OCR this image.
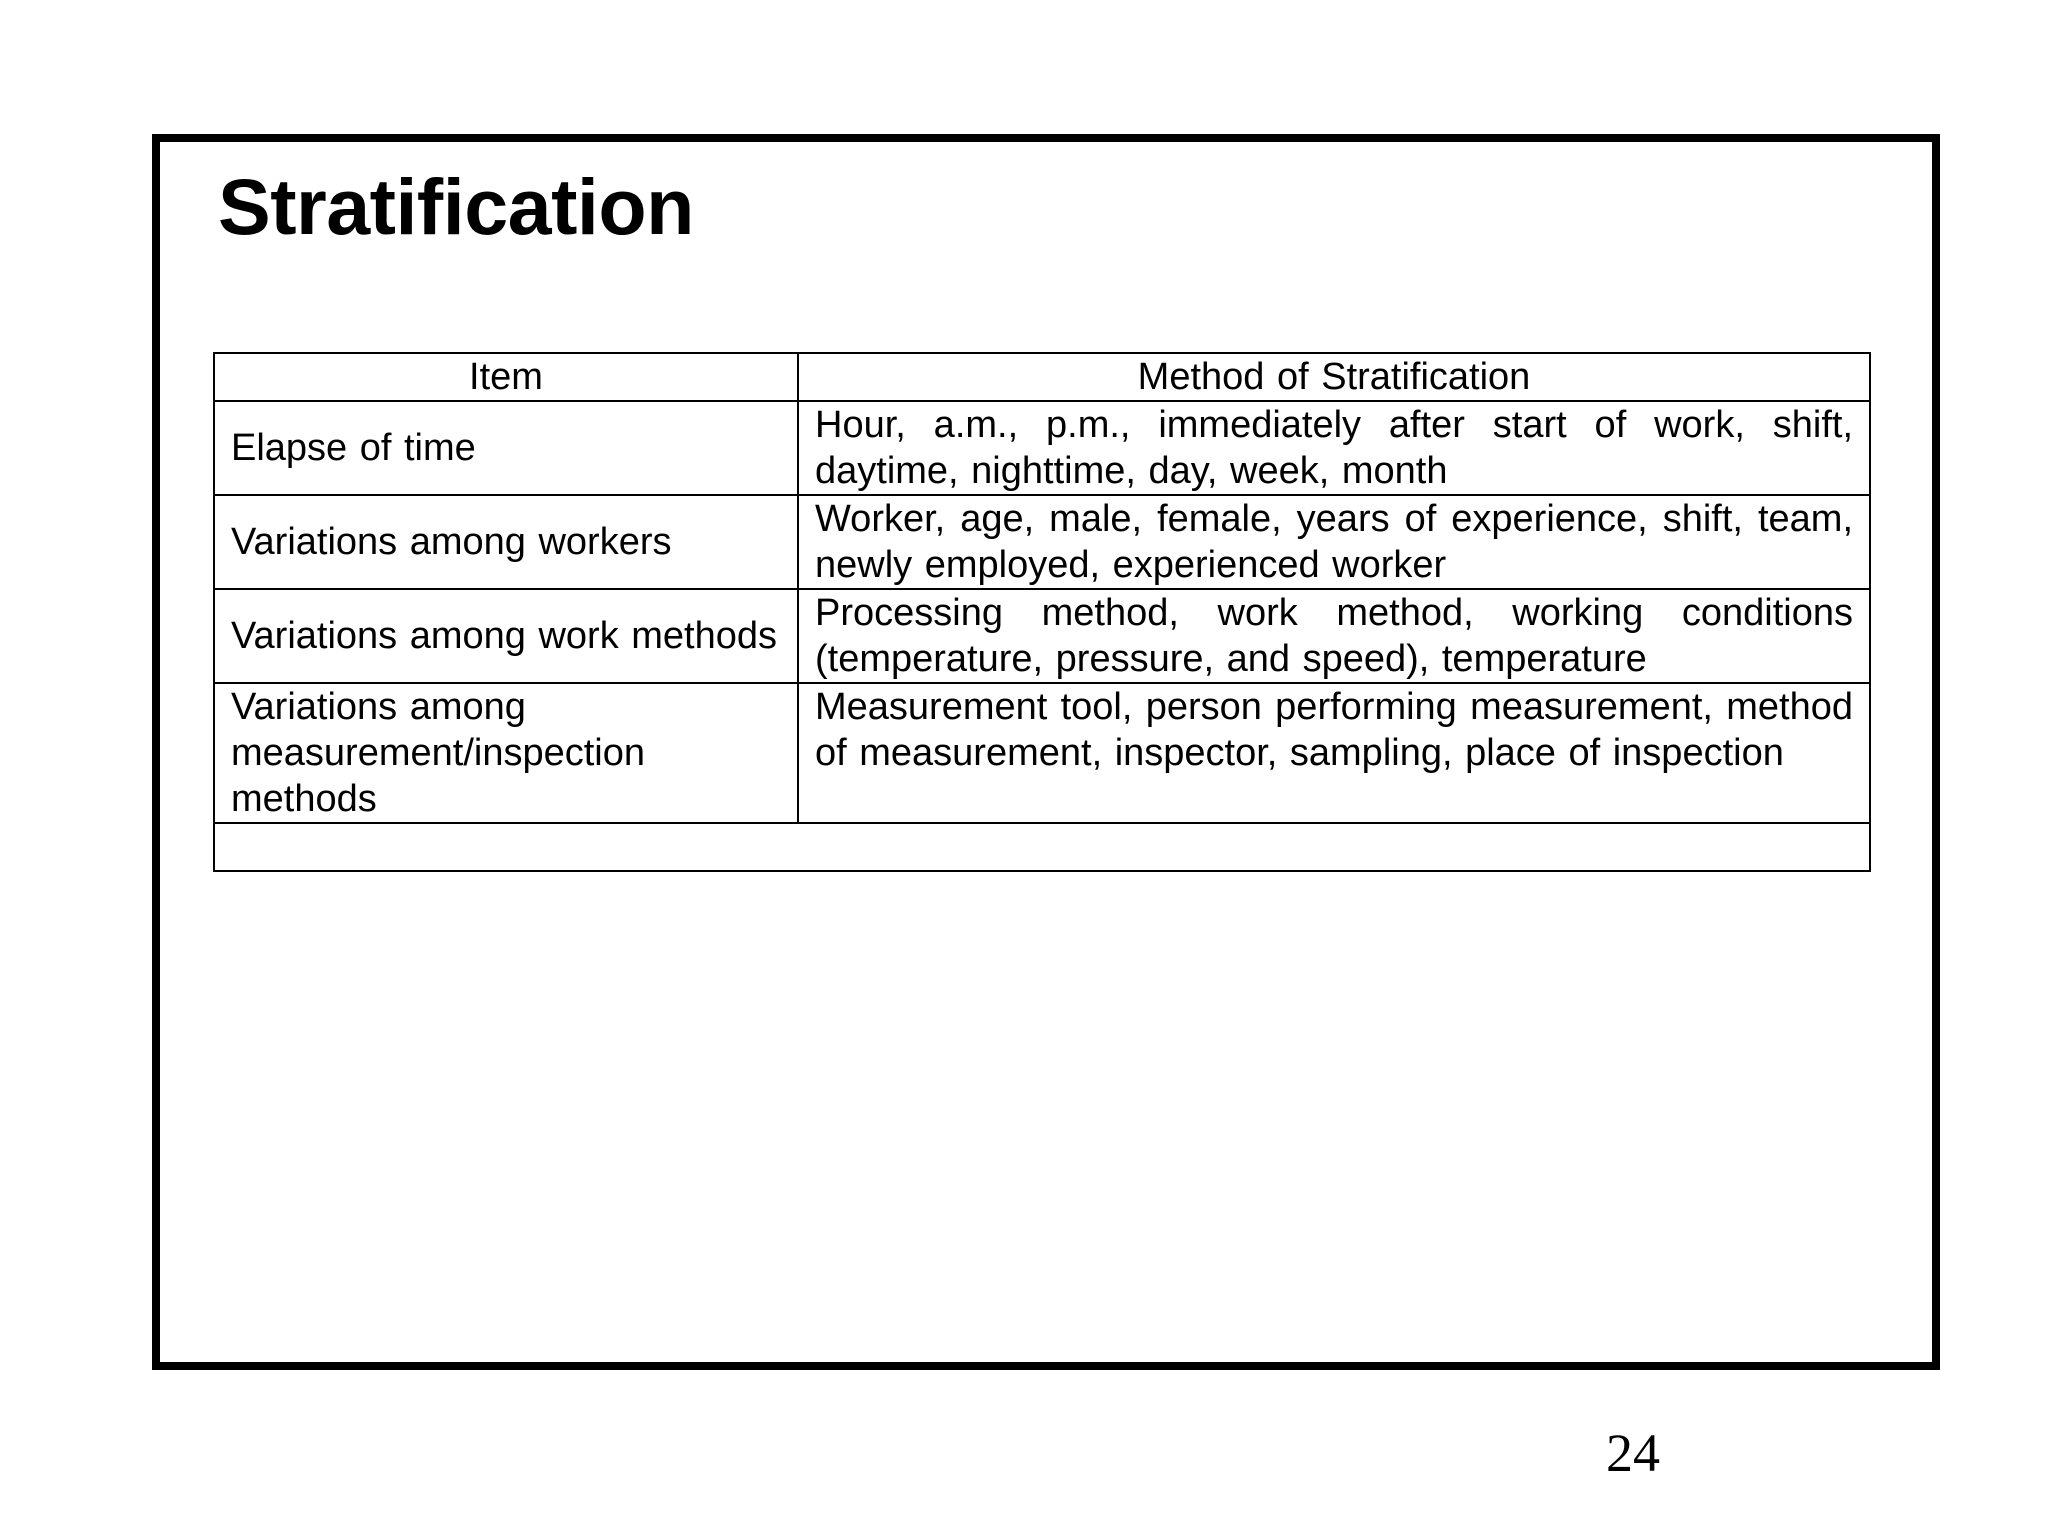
Stratification
Item	Method of Stratification
Elapse of time	Hour, a.m., p.m., immediately after start of work, shift, daytime, nighttime, day, week, month
Variations among workers	Worker, age, male, female, years of experience, shift, team, newly employed, experienced worker
Variations among work methods	Processing method, work method, working conditions (temperature, pressure, and speed), temperature
Variations among measurement/inspection methods	Measurement tool, person performing measurement, method of measurement, inspector, sampling, place of inspection

24
